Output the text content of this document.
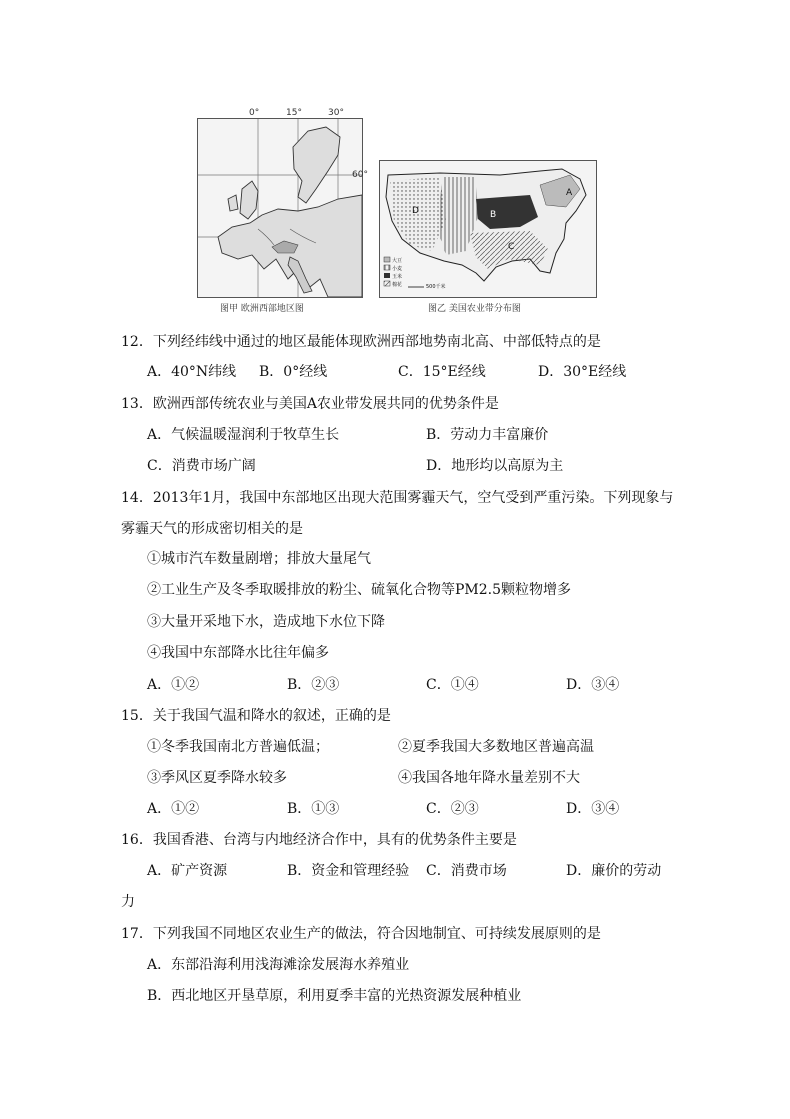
0°	15°	30°
60°
图甲 欧洲西部地区图
A
B
C
D
大豆
小麦
玉米
棉花	500千米
图乙 美国农业带分布图
12．下列经纬线中通过的地区最能体现欧洲西部地势南北高、中部低特点的是
A．40°N纬线 B．0°经线	C．15°E经线	D．30°E经线
13．欧洲西部传统农业与美国A农业带发展共同的优势条件是
A．气候温暖湿润利于牧草生长	B．劳动力丰富廉价
C．消费市场广阔	D．地形均以高原为主
14．2013年1月，我国中东部地区出现大范围雾霾天气，空气受到严重污染。下列现象与
雾霾天气的形成密切相关的是
①城市汽车数量剧增；排放大量尾气
②工业生产及冬季取暖排放的粉尘、硫氧化合物等PM2.5颗粒物增多
③大量开采地下水，造成地下水位下降
④我国中东部降水比往年偏多
A．①②	B．②③	C．①④	D．③④
15．关于我国气温和降水的叙述，正确的是
①冬季我国南北方普遍低温；	②夏季我国大多数地区普遍高温
③季风区夏季降水较多	④我国各地年降水量差别不大
A．①②	B．①③	C．②③	D．③④
16．我国香港、台湾与内地经济合作中，具有的优势条件主要是
A．矿产资源	B．资金和管理经验 C．消费市场	D．廉价的劳动
力
17．下列我国不同地区农业生产的做法，符合因地制宜、可持续发展原则的是
A．东部沿海利用浅海滩涂发展海水养殖业
B．西北地区开垦草原，利用夏季丰富的光热资源发展种植业
